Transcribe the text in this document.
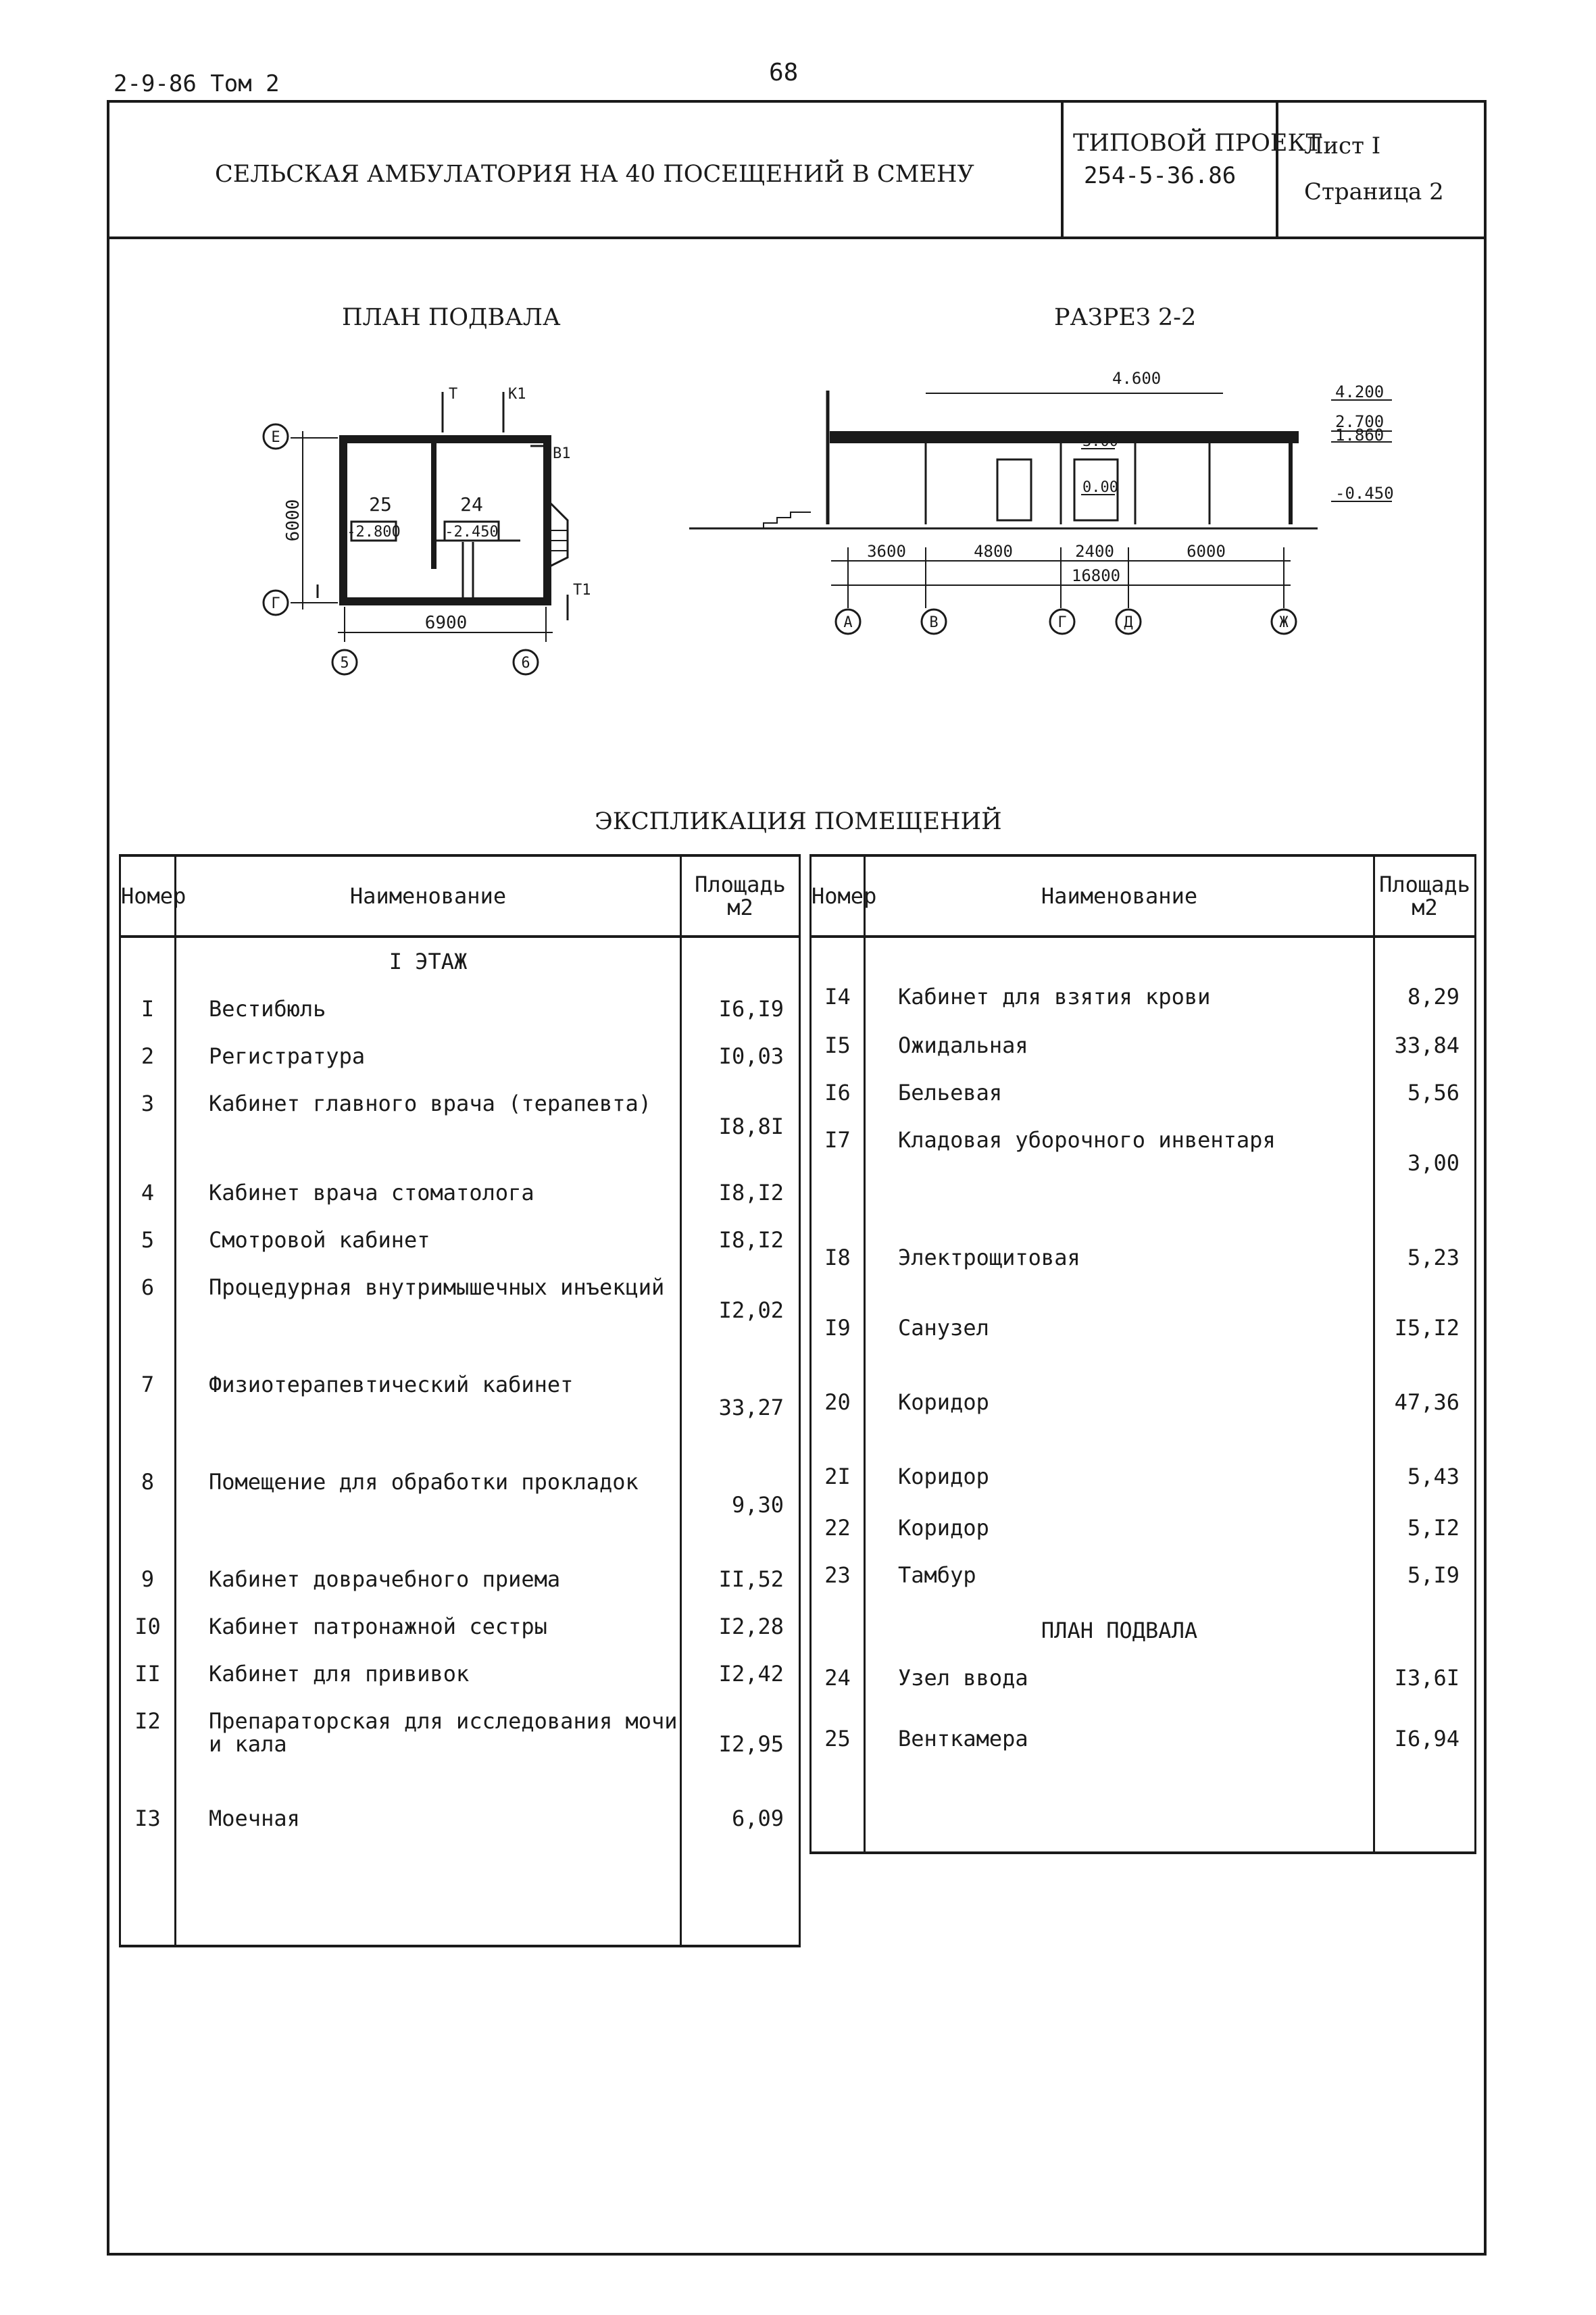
2-9-86 Том 2	68
СЕЛЬСКАЯ АМБУЛАТОРИЯ НА 40 ПОСЕЩЕНИЙ В СМЕНУ
ТИПОВОЙ ПРОЕКТ
254-5-36.86
Лист I
Страница 2
ПЛАН ПОДВАЛА	РАЗРЕЗ 2-2
25	24
-2.800	-2.450
Т	К1
В1
Т1
6000
6900
Е
Г
5	6
4.600
4.200
2.700
1.860
-0.450
3.00
0.00
3600	4800	2400	6000
16800
А	В	Г	Д	Ж
ЭКСПЛИКАЦИЯ ПОМЕЩЕНИЙ
Номер	Наименование	Площадь м2
	I ЭТАЖ	
I	Вестибюль	I6,I9
2	Регистратура	I0,03
3	Кабинет главного врача (терапевта)	I8,8I
4	Кабинет врача стоматолога	I8,I2
5	Смотровой кабинет	I8,I2
6	Процедурная внутримышечных инъекций	I2,02
7	Физиотерапевтический кабинет	33,27
8	Помещение для обработки прокладок	9,30
9	Кабинет доврачебного приема	II,52
I0	Кабинет патронажной сестры	I2,28
II	Кабинет для прививок	I2,42
I2	Препараторская для исследования мочи и кала	I2,95
I3	Моечная	6,09

Номер	Наименование	Площадь м2

I4	Кабинет для взятия крови	8,29
I5	Ожидальная	33,84
I6	Бельевая	5,56
I7	Кладовая уборочного инвентаря	3,00
I8	Электрощитовая	5,23
I9	Санузел	I5,I2
20	Коридор	47,36
2I	Коридор	5,43
22	Коридор	5,I2
23	Тамбур	5,I9
	ПЛАН ПОДВАЛА	
24	Узел ввода	I3,6I
25	Венткамера	I6,94
